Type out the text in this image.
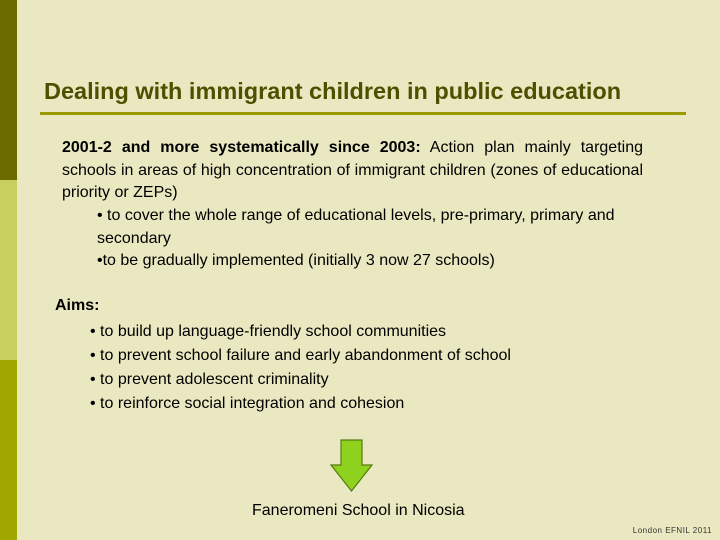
Dealing with immigrant children in public education
2001-2 and more systematically since 2003: Action plan mainly targeting schools in areas of high concentration of immigrant children (zones of educational priority or ZEPs)
• to cover the whole range of educational levels, pre-primary, primary and secondary
•to be gradually implemented (initially 3 now 27 schools)
Aims:
• to build up language-friendly school communities
• to prevent school failure and early abandonment of school
• to prevent adolescent criminality
• to reinforce social integration and cohesion
Faneromeni School in Nicosia
London EFNIL 2011
